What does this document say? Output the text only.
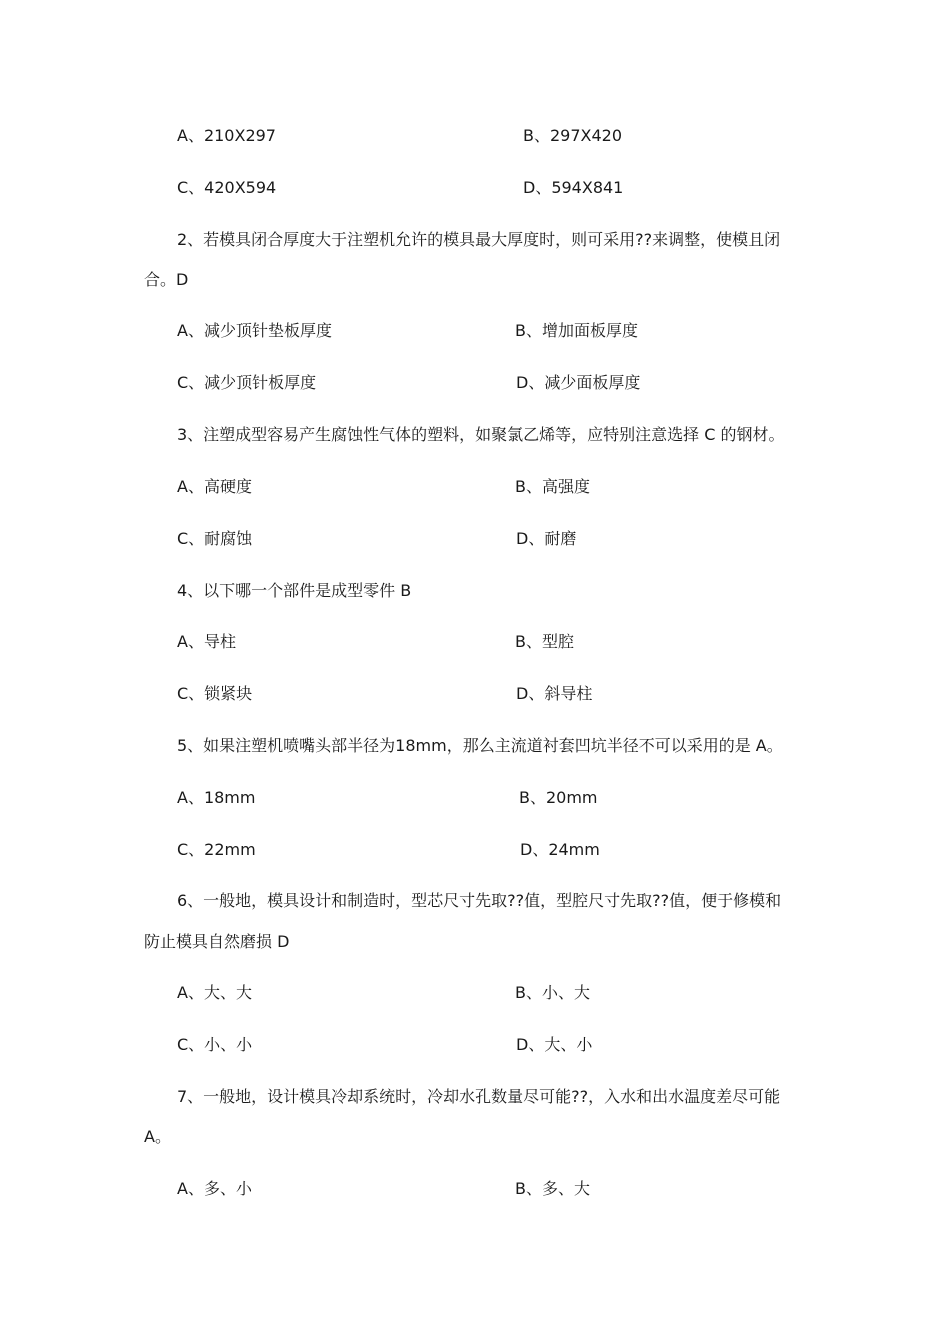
A、210X297	B、297X420
C、420X594	D、594X841
2、若模具闭合厚度大于注塑机允许的模具最大厚度时，则可采用??来调整，使模且闭
合。D
A、减少顶针垫板厚度	B、增加面板厚度
C、减少顶针板厚度	D、减少面板厚度
3、注塑成型容易产生腐蚀性气体的塑料，如聚氯乙烯等，应特别注意选择 C 的钢材。
A、高硬度	B、高强度
C、耐腐蚀	D、耐磨
4、以下哪一个部件是成型零件 B
A、导柱	B、型腔
C、锁紧块	D、斜导柱
5、如果注塑机喷嘴头部半径为18mm，那么主流道衬套凹坑半径不可以采用的是 A。
A、18mm	B、20mm
C、22mm	D、24mm
6、一般地，模具设计和制造时，型芯尺寸先取??值，型腔尺寸先取??值，便于修模和
防止模具自然磨损 D
A、大、大	B、小、大
C、小、小	D、大、小
7、一般地，设计模具冷却系统时，冷却水孔数量尽可能??，入水和出水温度差尽可能
A。
A、多、小	B、多、大
